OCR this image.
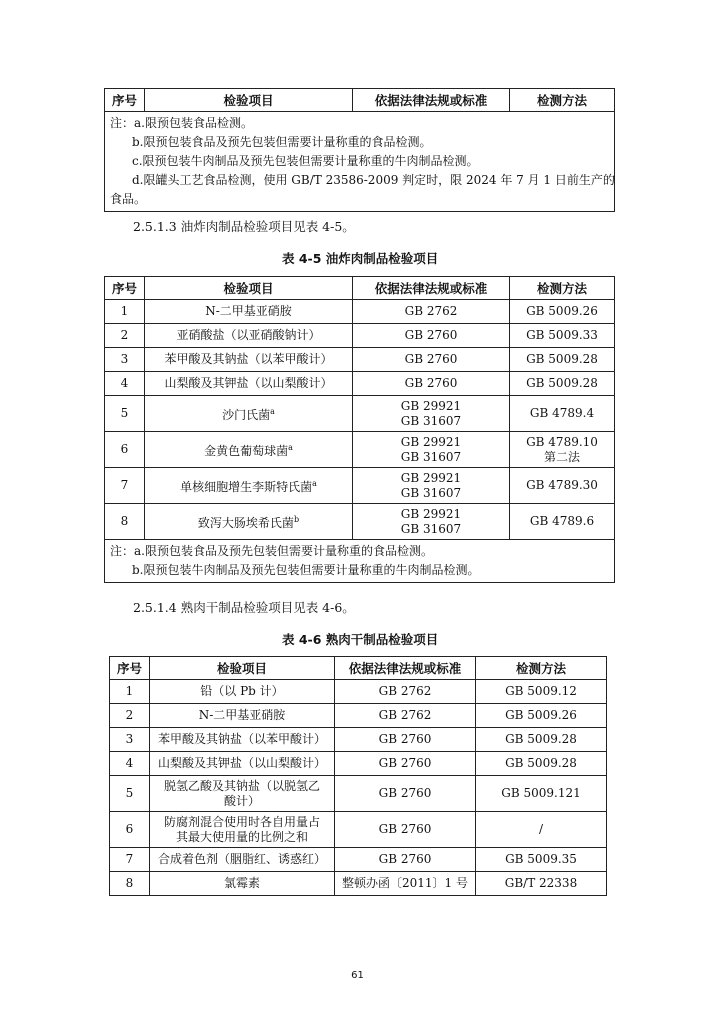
序号	检验项目	依据法律法规或标准	检测方法

注：a.限预包装食品检测。
b.限预包装食品及预先包装但需要计量称重的食品检测。
c.限预包装牛肉制品及预先包装但需要计量称重的牛肉制品检测。
d.限罐头工艺食品检测，使用 GB/T 23586-2009 判定时，限 2024 年 7 月 1 日前生产的
食品。
2.5.1.3 油炸肉制品检验项目见表 4-5。
表 4-5 油炸肉制品检验项目
序号	检验项目	依据法律法规或标准	检测方法
1	N-二甲基亚硝胺	GB 2762	GB 5009.26

2	亚硝酸盐（以亚硝酸钠计）	GB 2760	GB 5009.33

3	苯甲酸及其钠盐（以苯甲酸计）	GB 2760	GB 5009.28

4	山梨酸及其钾盐（以山梨酸计）	GB 2760	GB 5009.28

5	沙门氏菌$^a$	GB 29921
GB 31607	GB 4789.4

6	金黄色葡萄球菌$^a$	GB 29921
GB 31607	GB 4789.10
第二法

7	单核细胞增生李斯特氏菌$^a$	GB 29921
GB 31607	GB 4789.30

8	致泻大肠埃希氏菌$^b$	GB 29921
GB 31607	GB 4789.6

注：a.限预包装食品及预先包装但需要计量称重的食品检测。
b.限预包装牛肉制品及预先包装但需要计量称重的牛肉制品检测。			
2.5.1.4 熟肉干制品检验项目见表 4-6。
表 4-6 熟肉干制品检验项目
序号	检验项目	依据法律法规或标准	检测方法
1	铅（以 Pb 计）	GB 2762	GB 5009.12
2	N-二甲基亚硝胺	GB 2762	GB 5009.26
3	苯甲酸及其钠盐（以苯甲酸计）	GB 2760	GB 5009.28
4	山梨酸及其钾盐（以山梨酸计）	GB 2760	GB 5009.28
5	脱氢乙酸及其钠盐（以脱氢乙
酸计）	GB 2760	GB 5009.121
6	防腐剂混合使用时各自用量占
其最大使用量的比例之和	GB 2760	/
7	合成着色剂（胭脂红、诱惑红）	GB 2760	GB 5009.35
8	氯霉素	整顿办函〔2011〕1 号	GB/T 22338
61
